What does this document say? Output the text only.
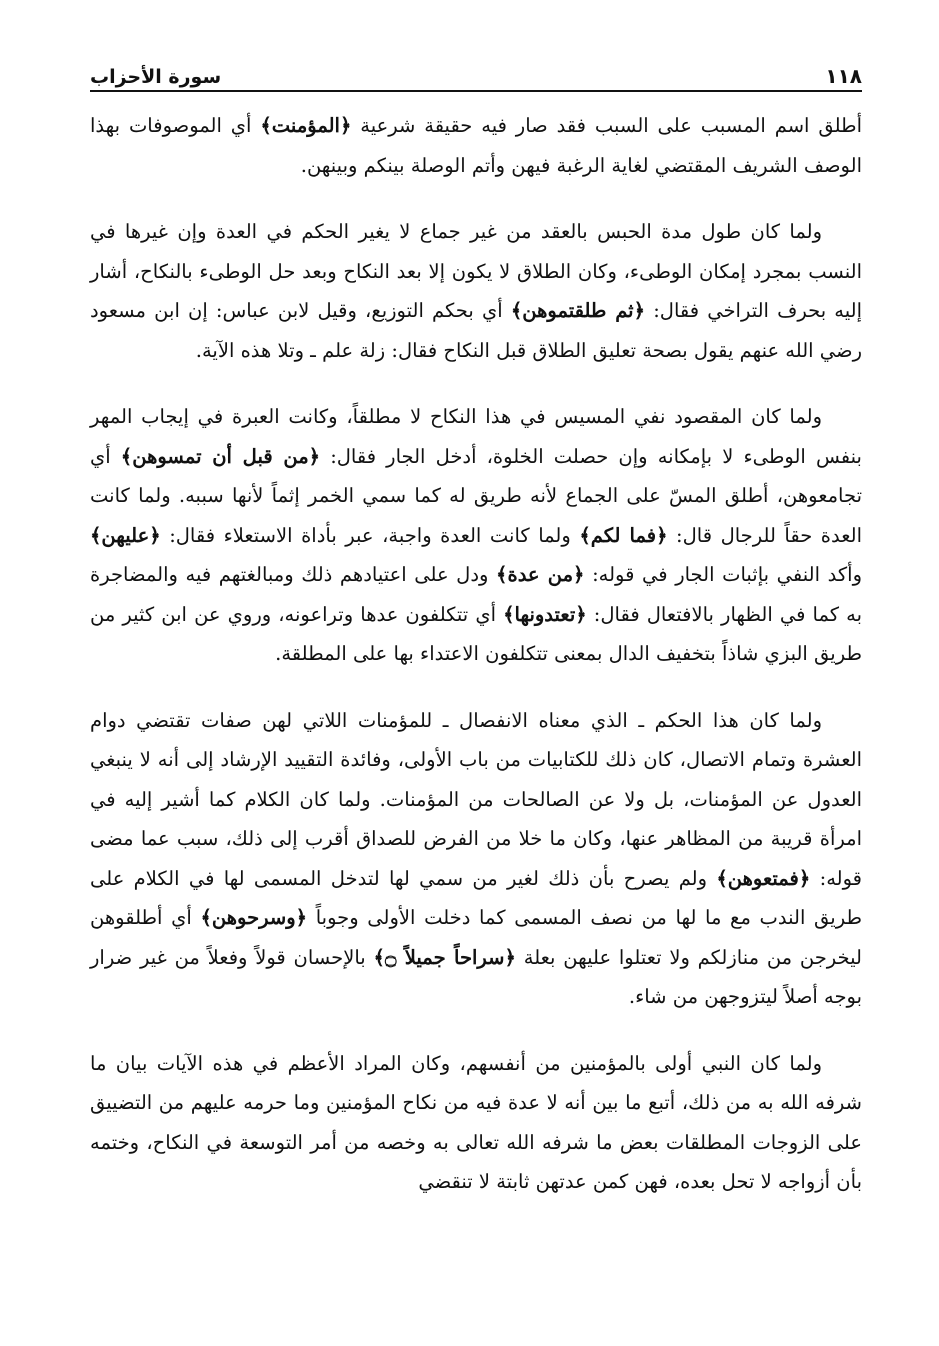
١١٨
سورة الأحزاب

أطلق اسم المسبب على السبب فقد صار فيه حقيقة شرعية ﴿المؤمنت﴾ أي الموصوفات بهذا الوصف الشريف المقتضي لغاية الرغبة فيهن وأتم الوصلة بينكم وبينهن.

ولما كان طول مدة الحبس بالعقد من غير جماع لا يغير الحكم في العدة وإن غيرها في النسب بمجرد إمكان الوطىء، وكان الطلاق لا يكون إلا بعد النكاح وبعد حل الوطىء بالنكاح، أشار إليه بحرف التراخي فقال: ﴿ثم طلقتموهن﴾ أي بحكم التوزيع، وقيل لابن عباس: إن ابن مسعود رضي الله عنهم يقول بصحة تعليق الطلاق قبل النكاح فقال: زلة علم ـ وتلا هذه الآية.

ولما كان المقصود نفي المسيس في هذا النكاح لا مطلقاً، وكانت العبرة في إيجاب المهر بنفس الوطىء لا بإمكانه وإن حصلت الخلوة، أدخل الجار فقال: ﴿من قبل أن تمسوهن﴾ أي تجامعوهن، أطلق المسّ على الجماع لأنه طريق له كما سمي الخمر إثماً لأنها سببه. ولما كانت العدة حقاً للرجال قال: ﴿فما لكم﴾ ولما كانت العدة واجبة، عبر بأداة الاستعلاء فقال: ﴿عليهن﴾ وأكد النفي بإثبات الجار في قوله: ﴿من عدة﴾ ودل على اعتيادهم ذلك ومبالغتهم فيه والمضاجرة به كما في الظهار بالافتعال فقال: ﴿تعتدونها﴾ أي تتكلفون عدها وتراعونه، وروي عن ابن كثير من طريق البزي شاذاً بتخفيف الدال بمعنى تتكلفون الاعتداء بها على المطلقة.

ولما كان هذا الحكم ـ الذي معناه الانفصال ـ للمؤمنات اللاتي لهن صفات تقتضي دوام العشرة وتمام الاتصال، كان ذلك للكتابيات من باب الأولى، وفائدة التقييد الإرشاد إلى أنه لا ينبغي العدول عن المؤمنات، بل ولا عن الصالحات من المؤمنات. ولما كان الكلام كما أشير إليه في امرأة قريبة من المظاهر عنها، وكان ما خلا من الفرض للصداق أقرب إلى ذلك، سبب عما مضى قوله: ﴿فمتعوهن﴾ ولم يصرح بأن ذلك لغير من سمي لها لتدخل المسمى لها في الكلام على طريق الندب مع ما لها من نصف المسمى كما دخلت الأولى وجوباً ﴿وسرحوهن﴾ أي أطلقوهن ليخرجن من منازلكم ولا تعتلوا عليهن بعلة ﴿سراحاً جميلاً ۝﴾ بالإحسان قولاً وفعلاً من غير ضرار بوجه أصلاً ليتزوجهن من شاء.

ولما كان النبي أولى بالمؤمنين من أنفسهم، وكان المراد الأعظم في هذه الآيات بيان ما شرفه الله به من ذلك، أتبع ما بين أنه لا عدة فيه من نكاح المؤمنين وما حرمه عليهم من التضييق على الزوجات المطلقات بعض ما شرفه الله تعالى به وخصه من أمر التوسعة في النكاح، وختمه بأن أزواجه لا تحل بعده، فهن كمن عدتهن ثابتة لا تنقضي
